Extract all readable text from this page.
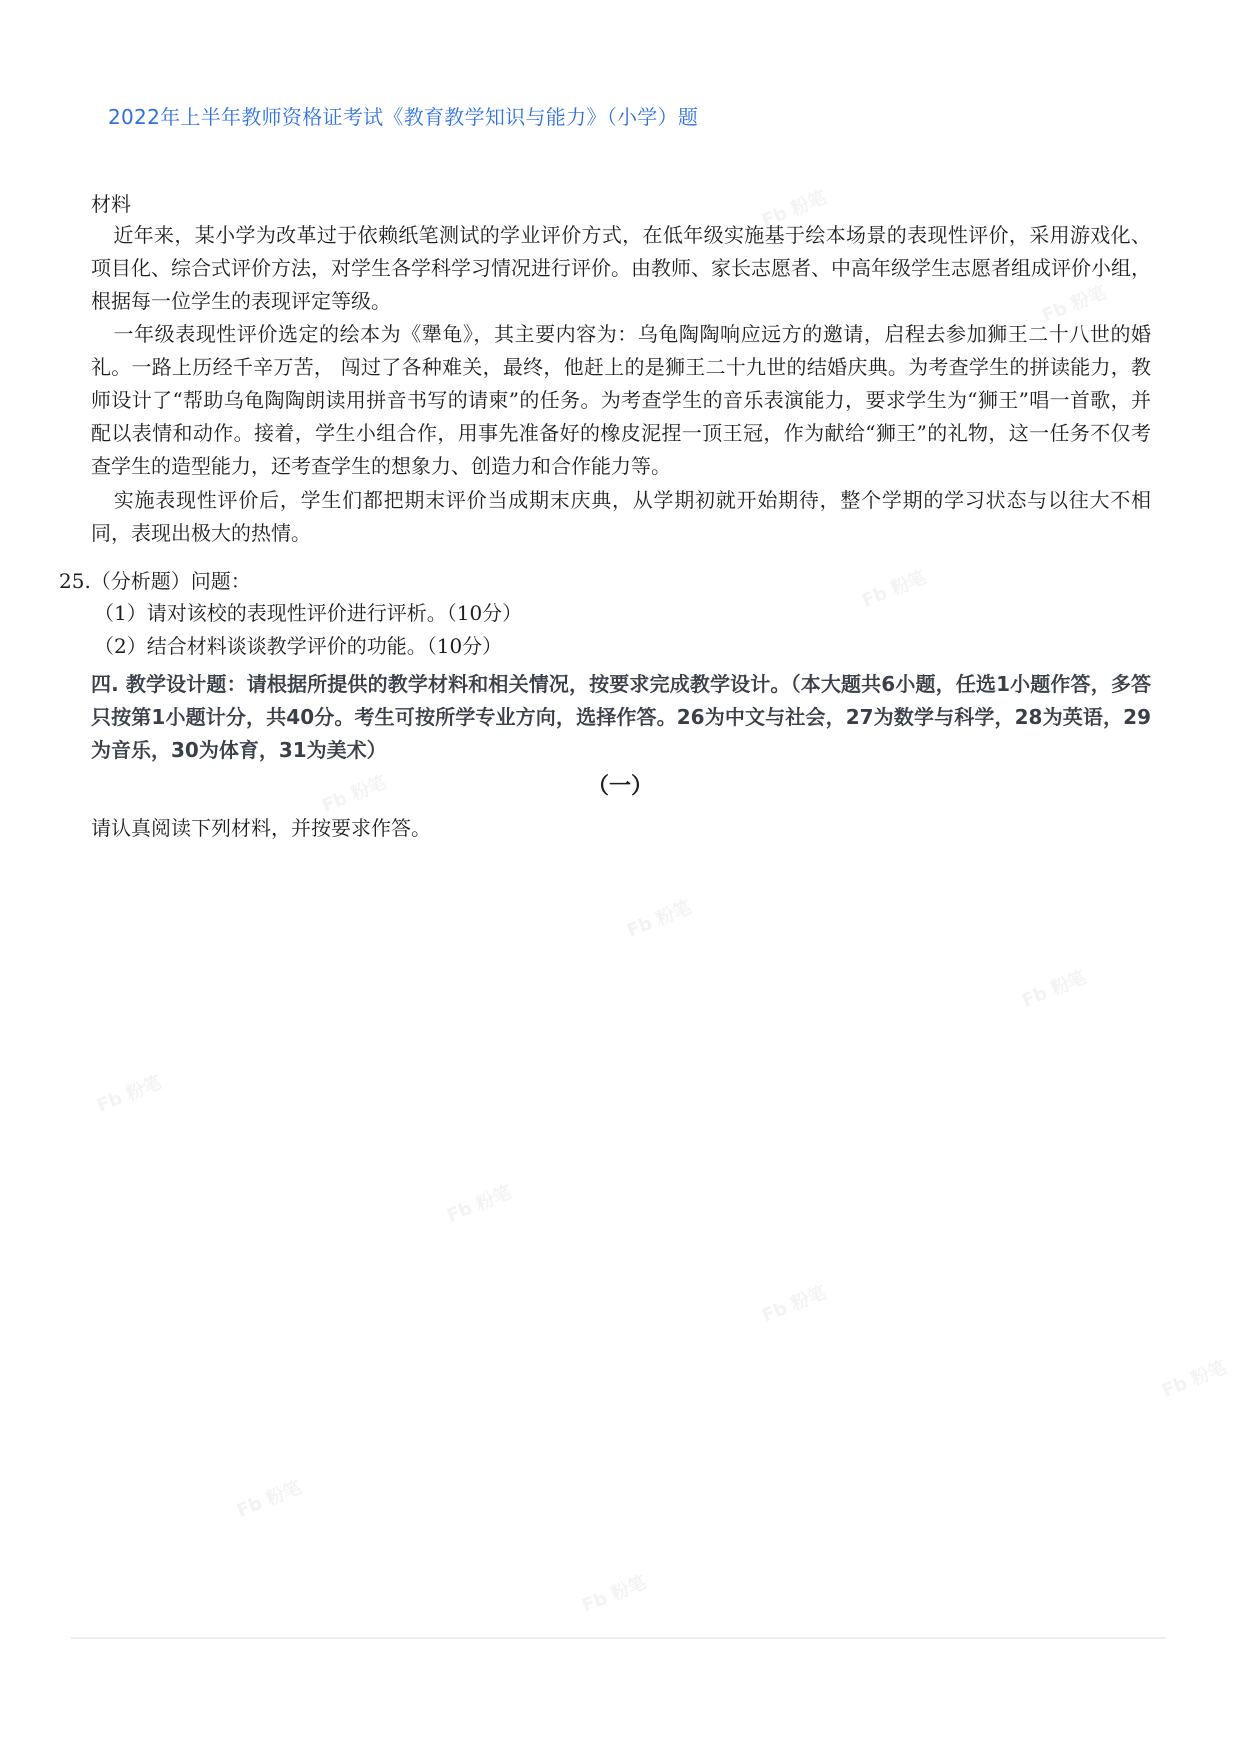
2022年上半年教师资格证考试《教育教学知识与能力》（小学）题
材料
近年来，某小学为改革过于依赖纸笔测试的学业评价方式，在低年级实施基于绘本场景的表现性评价，采用游戏化、项目化、综合式评价方法，对学生各学科学习情况进行评价。由教师、家长志愿者、中高年级学生志愿者组成评价小组，根据每一位学生的表现评定等级。
一年级表现性评价选定的绘本为《犟龟》，其主要内容为：乌龟陶陶响应远方的邀请，启程去参加狮王二十八世的婚礼。一路上历经千辛万苦， 闯过了各种难关，最终，他赶上的是狮王二十九世的结婚庆典。为考查学生的拼读能力，教师设计了“帮助乌龟陶陶朗读用拼音书写的请柬”的任务。为考查学生的音乐表演能力，要求学生为“狮王”唱一首歌，并配以表情和动作。接着，学生小组合作，用事先准备好的橡皮泥捏一顶王冠，作为献给“狮王”的礼物，这一任务不仅考查学生的造型能力，还考查学生的想象力、创造力和合作能力等。
实施表现性评价后，学生们都把期末评价当成期末庆典，从学期初就开始期待，整个学期的学习状态与以往大不相同，表现出极大的热情。
25.（分析题）问题：
（1）请对该校的表现性评价进行评析。（10分）
（2）结合材料谈谈教学评价的功能。（10分）
四. 教学设计题：请根据所提供的教学材料和相关情况，按要求完成教学设计。（本大题共6小题，任选1小题作答，多答只按第1小题计分，共40分。考生可按所学专业方向，选择作答。26为中文与社会，27为数学与科学，28为英语，29为音乐，30为体育，31为美术）
（一）
请认真阅读下列材料，并按要求作答。
Fb 粉笔
Fb 粉笔
Fb 粉笔
Fb 粉笔
Fb 粉笔
Fb 粉笔
Fb 粉笔
Fb 粉笔
Fb 粉笔
Fb 粉笔
Fb 粉笔
Fb 粉笔
